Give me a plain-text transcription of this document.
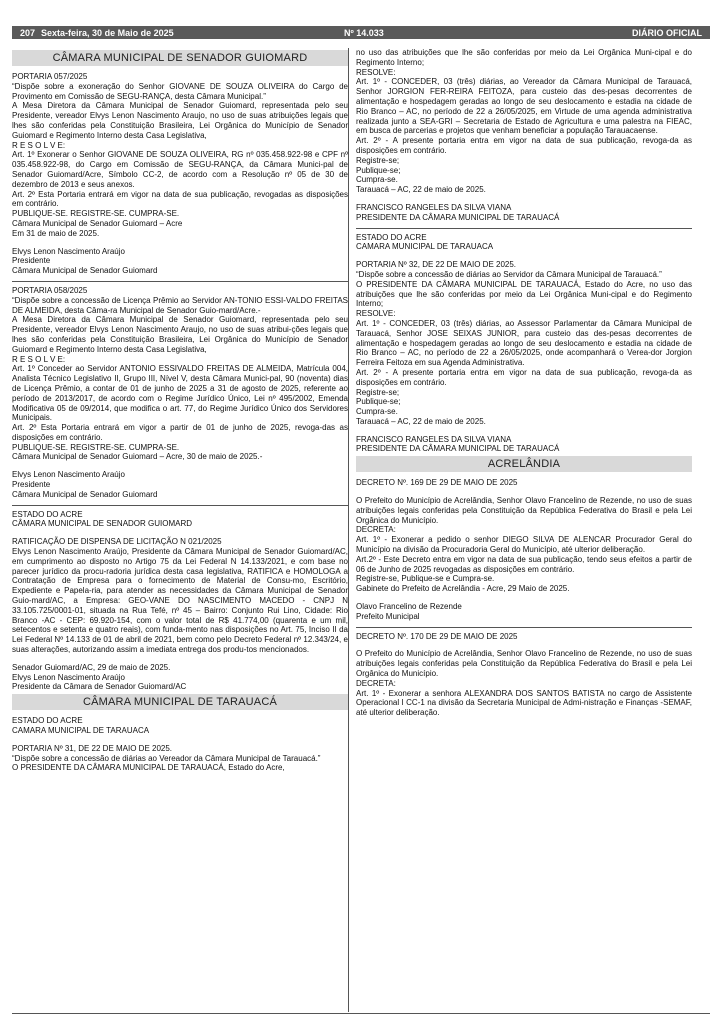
207 Sexta-feira, 30 de Maio de 2025	Nº 14.033	DIÁRIO OFICIAL
CÂMARA MUNICIPAL DE SENADOR GUIOMARD

PORTARIA 057/2025

“Dispõe sobre a exoneração do Senhor GIOVANE DE SOUZA OLIVEIRA do Cargo de Provimento em Comissão de SEGU-RANÇA, desta Câmara Municipal.”

A Mesa Diretora da Câmara Municipal de Senador Guiomard, representada pelo seu Presidente, vereador Elvys Lenon Nascimento Araujo, no uso de suas atribuições legais que lhes são conferidas pela Constituição Brasileira, Lei Orgânica do Município de Senador Guiomard e Regimento Interno desta Casa Legislativa,

R E S O L V E:

Art. 1º Exonerar o Senhor GIOVANE DE SOUZA OLIVEIRA, RG nº 035.458.922-98 e CPF nº 035.458.922-98, do Cargo em Comissão de SEGU-RANÇA, da Câmara Munici-pal de Senador Guiomard/Acre, Símbolo CC-2, de acordo com a Resolução nº 05 de 30 de dezembro de 2013 e seus anexos.

Art. 2º Esta Portaria entrará em vigor na data de sua publicação, revogadas as disposições em contrário.

PUBLIQUE-SE. REGISTRE-SE. CUMPRA-SE.

Câmara Municipal de Senador Guiomard – Acre

Em 31 de maio de 2025.

Elvys Lenon Nascimento Araújo

Presidente

Câmara Municipal de Senador Guiomard

PORTARIA 058/2025

“Dispõe sobre a concessão de Licença Prêmio ao Servidor AN-TONIO ESSI-VALDO FREITAS DE ALMEIDA, desta Câma-ra Municipal de Senador Guio-mard/Acre.-

A Mesa Diretora da Câmara Municipal de Senador Guiomard, representada pelo seu Presidente, vereador Elvys Lenon Nascimento Araujo, no uso de suas atribui-ções legais que lhes são conferidas pela Constituição Brasileira, Lei Orgânica do Município de Senador Guiomard e Regimento Interno desta Casa Legislativa,

R E S O L V E:

Art. 1º Conceder ao Servidor ANTONIO ESSIVALDO FREITAS DE ALMEIDA, Matrícula 004, Analista Técnico Legislativo II, Grupo III, Nível V, desta Câmara Munici-pal, 90 (noventa) dias de Licença Prêmio, a contar de 01 de junho de 2025 a 31 de agosto de 2025, referente ao período de 2013/2017, de acordo com o Regime Jurídico Único, Lei nº 495/2002, Emenda Modificativa 05 de 09/2014, que modifica o art. 77, do Regime Jurídico Único dos Servidores Municipais.

Art. 2º Esta Portaria entrará em vigor a partir de 01 de junho de 2025, revoga-das as disposições em contrário.

PUBLIQUE-SE. REGISTRE-SE. CUMPRA-SE.

Câmara Municipal de Senador Guiomard – Acre, 30 de maio de 2025.-

Elvys Lenon Nascimento Araújo

Presidente

Câmara Municipal de Senador Guiomard

ESTADO DO ACRE

CÂMARA MUNICIPAL DE SENADOR GUIOMARD

RATIFICAÇÃO DE DISPENSA DE LICITAÇÃO N 021/2025

Elvys Lenon Nascimento Araújo, Presidente da Câmara Municipal de Senador Guiomard/AC, em cumprimento ao disposto no Artigo 75 da Lei Federal N 14.133/2021, e com base no parecer jurídico da procu-radoria jurídica desta casa legislativa, RATIFICA e HOMOLOGA a Contratação de Empresa para o fornecimento de Material de Consu-mo, Escritório, Expediente e Papela-ria, para atender as necessidades da Câmara Municipal de Senador Guio-mard/AC, a Empresa: GEO-VANE DO NASCIMENTO MACEDO - CNPJ N 33.105.725/0001-01, situada na Rua Tefé, nº 45 – Bairro: Conjunto Rui Lino, Cidade: Rio Branco -AC - CEP: 69.920-154, com o valor total de R$ 41.774,00 (quarenta e um mil, setecentos e setenta e quatro reais), com funda-mento nas disposições no Art. 75, Inciso II da Lei Federal Nº 14.133 de 01 de abril de 2021, bem como pelo Decreto Federal nº 12.343/24, e suas alterações, autorizando assim a imediata entrega dos produ-tos mencionados.

Senador Guiomard/AC, 29 de maio de 2025.

Elvys Lenon Nascimento Araújo

Presidente da Câmara de Senador Guiomard/AC

CÂMARA MUNICIPAL DE TARAUACÁ

ESTADO DO ACRE

CAMARA MUNICIPAL DE TARAUACA

PORTARIA Nº 31, DE 22 DE MAIO DE 2025.

“Dispõe sobre a concessão de diárias ao Vereador da Câmara Municipal de Tarauacá.”

O PRESIDENTE DA CÂMARA MUNICIPAL DE TARAUACÁ, Estado do Acre,

no uso das atribuições que lhe são conferidas por meio da Lei Orgânica Muni-cipal e do Regimento Interno;

RESOLVE:

Art. 1º - CONCEDER, 03 (três) diárias, ao Vereador da Câmara Municipal de Tarauacá, Senhor JORGION FER-REIRA FEITOZA, para custeio das des-pesas decorrentes de alimentação e hospedagem geradas ao longo de seu deslocamento e estadia na cidade de Rio Branco – AC, no período de 22 a 26/05/2025, em Virtude de uma agenda administrativa realizada junto a SEA-GRI – Secretaria de Estado de Agricultura e uma palestra na FIEAC, em busca de parcerias e projetos que venham beneficiar a população Tarauacaense.

Art. 2º - A presente portaria entra em vigor na data de sua publicação, revoga-da as disposições em contrário.

Registre-se;

Publique-se;

Cumpra-se.

Tarauacá – AC, 22 de maio de 2025.

FRANCISCO RANGELES DA SILVA VIANA

PRESIDENTE DA CÂMARA MUNICIPAL DE TARAUACÁ

ESTADO DO ACRE

CAMARA MUNICIPAL DE TARAUACA

PORTARIA Nº 32, DE 22 DE MAIO DE 2025.

“Dispõe sobre a concessão de diárias ao Servidor da Câmara Municipal de Tarauacá.”

O PRESIDENTE DA CÂMARA MUNICIPAL DE TARAUACÁ, Estado do Acre, no uso das atribuições que lhe são conferidas por meio da Lei Orgânica Muni-cipal e do Regimento Interno;

RESOLVE:

Art. 1º - CONCEDER, 03 (três) diárias, ao Assessor Parlamentar da Câmara Municipal de Tarauacá, Senhor JOSE SEIXAS JUNIOR, para custeio das des-pesas decorrentes de alimentação e hospedagem geradas ao longo de seu deslocamento e estadia na cidade de Rio Branco – AC, no período de 22 a 26/05/2025, onde acompanhará o Verea-dor Jorgion Ferreira Feitoza em sua Agenda Administrativa.

Art. 2º - A presente portaria entra em vigor na data de sua publicação, revoga-da as disposições em contrário.

Registre-se;

Publique-se;

Cumpra-se.

Tarauacá – AC, 22 de maio de 2025.

FRANCISCO RANGELES DA SILVA VIANA

PRESIDENTE DA CÂMARA MUNICIPAL DE TARAUACÁ

ACRELÂNDIA

DECRETO Nº. 169 DE 29 DE MAIO DE 2025

O Prefeito do Município de Acrelândia, Senhor Olavo Francelino de Rezende, no uso de suas atribuições legais conferidas pela Constituição da República Federativa do Brasil e pela Lei Orgânica do Município.

DECRETA:

Art. 1º - Exonerar a pedido o senhor DIEGO SILVA DE ALENCAR Procurador Geral do Município na divisão da Procuradoria Geral do Município, até ulterior deliberação.

Art.2º - Este Decreto entra em vigor na data de sua publicação, tendo seus efeitos a partir de 06 de Junho de 2025 revogadas as disposições em contrário.

Registre-se, Publique-se e Cumpra-se.

Gabinete do Prefeito de Acrelândia - Acre, 29 Maio de 2025.

Olavo Francelino de Rezende

Prefeito Municipal

DECRETO Nº. 170 DE 29 DE MAIO DE 2025

O Prefeito do Município de Acrelândia, Senhor Olavo Francelino de Rezende, no uso de suas atribuições legais conferidas pela Constituição da República Federativa do Brasil e pela Lei Orgânica do Município.

DECRETA:

Art. 1º - Exonerar a senhora ALEXANDRA DOS SANTOS BATISTA no cargo de Assistente Operacional I CC-1 na divisão da Secretaria Municipal de Admi-nistração e Finanças -SEMAF, até ulterior deliberação.
